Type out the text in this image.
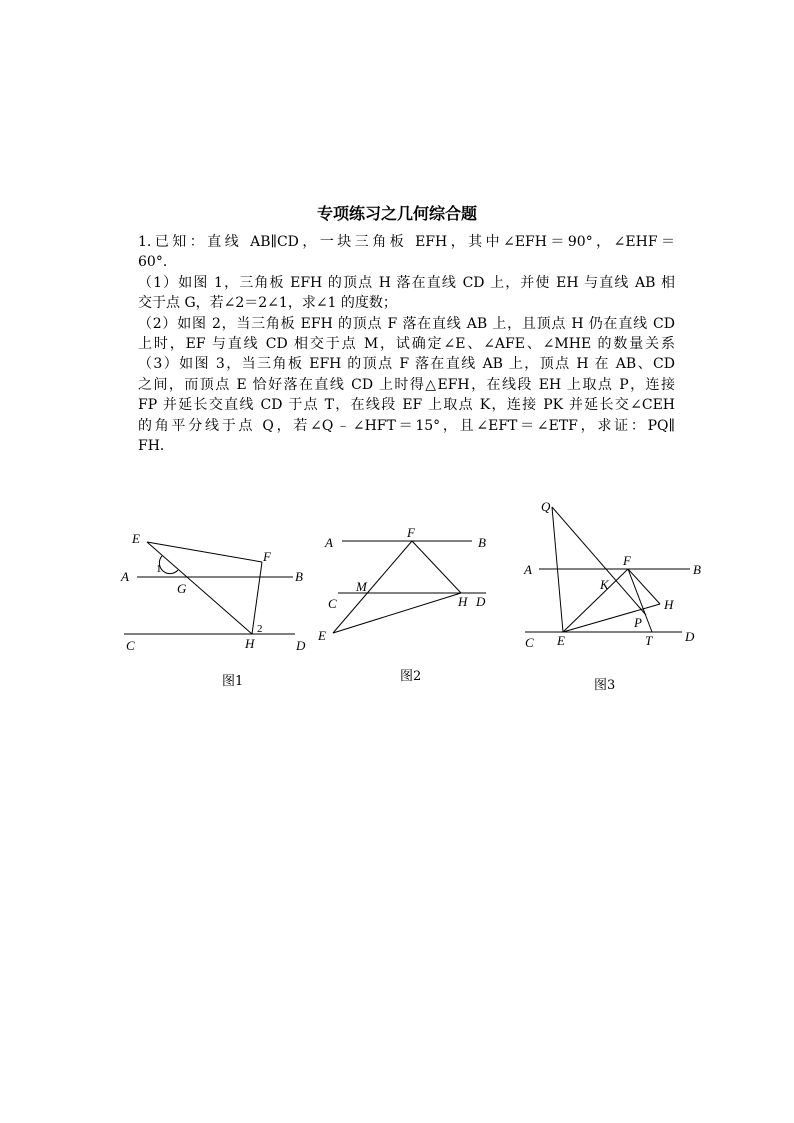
专项练习之几何综合题

1.已知：直线 AB∥CD，一块三角板 EFH，其中∠EFH＝90°，∠EHF＝

60°．

（1）如图 1，三角板 EFH 的顶点 H 落在直线 CD 上，并使 EH 与直线 AB 相

交于点 G，若∠2＝2∠1，求∠1 的度数；

（2）如图 2，当三角板 EFH 的顶点 F 落在直线 AB 上，且顶点 H 仍在直线 CD

上时，EF 与直线 CD 相交于点 M，试确定∠E、∠AFE、∠MHE 的数量关系

（3）如图 3，当三角板 EFH 的顶点 F 落在直线 AB 上，顶点 H 在 AB、CD

之间，而顶点 E 恰好落在直线 CD 上时得△EFH，在线段 EH 上取点 P，连接

FP 并延长交直线 CD 于点 T，在线段 EF 上取点 K，连接 PK 并延长交∠CEH

的角平分线于点 Q，若∠Q﹣∠HFT＝15°，且∠EFT＝∠ETF，求证：PQ∥

FH．

E
F
A	B
G
1
2
C	H	D
图1
A
F
B
M
C	H D
E
图2
Q
A
F
B
K
H
P
C E	T	D
图3
